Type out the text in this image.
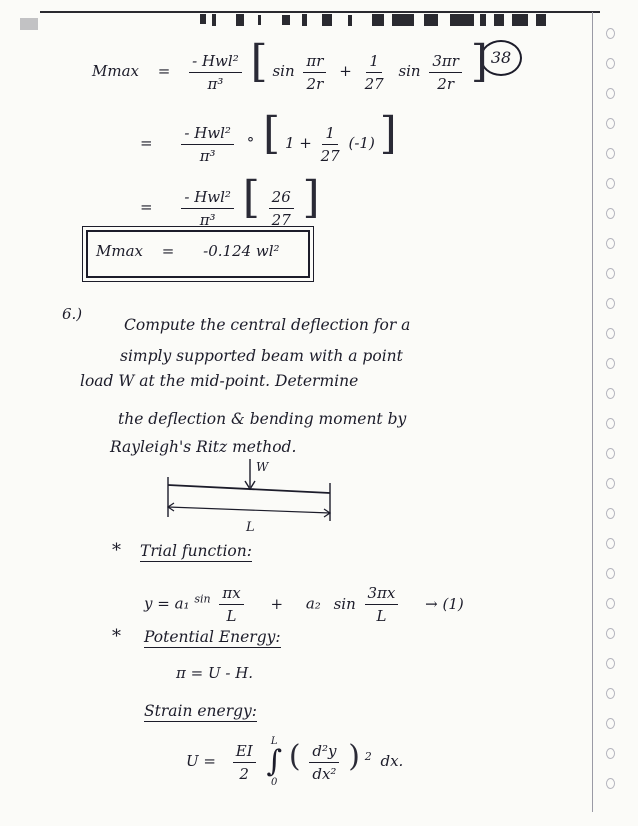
38
$Mmax = \frac{\text{- Hwl²}}{\text{π³}}$ [ $\sin \frac{\pi r}{2r} + \frac{1}{27}$ $\sin \frac{3\pi r}{2r}$ ]
= $\frac{\text{- Hwl²}}{\text{π³}}$ ° [ $1 + \frac{1}{27} (-1)$ ]
= $\frac{\text{- Hwl²}}{\text{π³}}$ [ $\frac{26}{27}$ ]
Mmax = -0.124 wl²
6.)
Compute the central deflection for a
simply supported beam with a point
load W at the mid-point. Determine
the deflection & bending moment by
Rayleigh's Ritz method.
W
L
* Trial function:
y = a₁ $^{sin} \frac{\pi x}{L} + a_2$ $\sin \frac{3\pi x}{L} \to (1)$
* Potential Energy:
π = U - H.
Strain energy:
$U = \frac{EI}{2}$
L
∫
0
( $\frac{\text{d²y}}{\text{dx²}}$ ) $^2$ dx.
